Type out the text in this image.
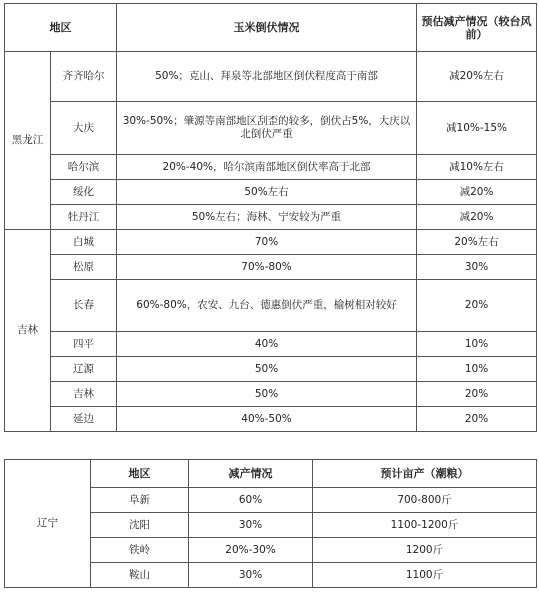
地区		玉米倒伏情况	预估减产情况（较台风前）
黑龙江	齐齐哈尔	50%；克山、拜泉等北部地区倒伏程度高于南部	减20%左右
	大庆	30%-50%；肇源等南部地区刮歪的较多，倒伏占5%，大庆以北倒伏严重	减10%-15%
	哈尔滨	20%-40%，哈尔滨南部地区倒伏率高于北部	减10%左右
	绥化	50%左右	减20%
	牡丹江	50%左右；海林、宁安较为严重	减20%
吉林	白城	70%	20%左右
	松原	70%-80%	30%
	长春	60%-80%，农安、九台、德惠倒伏严重，榆树相对较好	20%
	四平	40%	10%
	辽源	50%	10%
	吉林	50%	20%
	延边	40%-50%	20%
辽宁	地区	减产情况	预计亩产（潮粮）
	阜新	60%	700-800斤
	沈阳	30%	1100-1200斤
	铁岭	20%-30%	1200斤
	鞍山	30%	1100斤
